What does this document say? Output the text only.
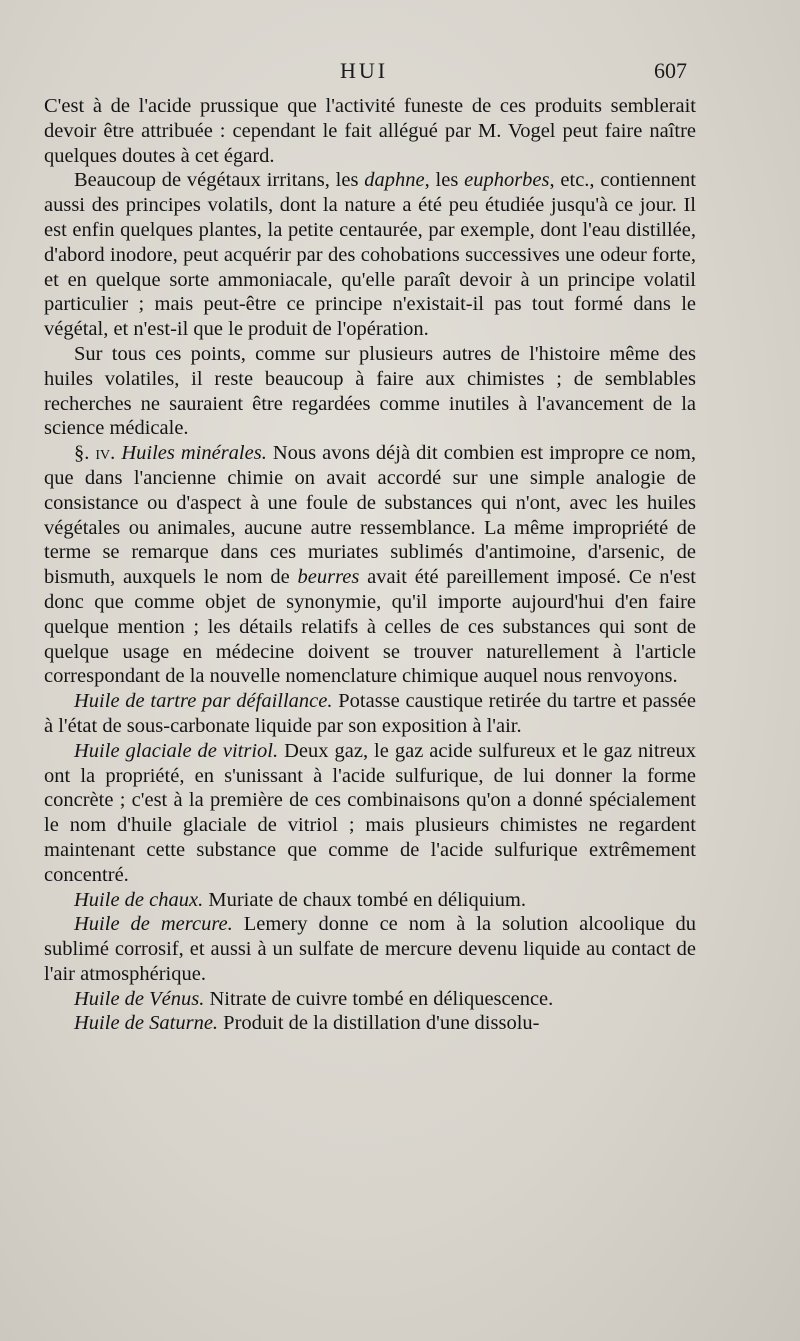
HUI	607

C'est à de l'acide prussique que l'activité funeste de ces produits semblerait devoir être attribuée : cependant le fait allégué par M. Vogel peut faire naître quelques doutes à cet égard.

Beaucoup de végétaux irritans, les daphne, les euphorbes, etc., contiennent aussi des principes volatils, dont la nature a été peu étudiée jusqu'à ce jour. Il est enfin quelques plantes, la petite centaurée, par exemple, dont l'eau distillée, d'abord inodore, peut acquérir par des cohobations successives une odeur forte, et en quelque sorte ammoniacale, qu'elle paraît devoir à un principe volatil particulier ; mais peut-être ce principe n'existait-il pas tout formé dans le végétal, et n'est-il que le produit de l'opération.

Sur tous ces points, comme sur plusieurs autres de l'histoire même des huiles volatiles, il reste beaucoup à faire aux chimistes ; de semblables recherches ne sauraient être regardées comme inutiles à l'avancement de la science médicale.

§. iv. Huiles minérales. Nous avons déjà dit combien est impropre ce nom, que dans l'ancienne chimie on avait accordé sur une simple analogie de consistance ou d'aspect à une foule de substances qui n'ont, avec les huiles végétales ou animales, aucune autre ressemblance. La même impropriété de terme se remarque dans ces muriates sublimés d'antimoine, d'arsenic, de bismuth, auxquels le nom de beurres avait été pareillement imposé. Ce n'est donc que comme objet de synonymie, qu'il importe aujourd'hui d'en faire quelque mention ; les détails relatifs à celles de ces substances qui sont de quelque usage en médecine doivent se trouver naturellement à l'article correspondant de la nouvelle nomenclature chimique auquel nous renvoyons.

Huile de tartre par défaillance. Potasse caustique retirée du tartre et passée à l'état de sous-carbonate liquide par son exposition à l'air.

Huile glaciale de vitriol. Deux gaz, le gaz acide sulfureux et le gaz nitreux ont la propriété, en s'unissant à l'acide sulfurique, de lui donner la forme concrète ; c'est à la première de ces combinaisons qu'on a donné spécialement le nom d'huile glaciale de vitriol ; mais plusieurs chimistes ne regardent maintenant cette substance que comme de l'acide sulfurique extrêmement concentré.

Huile de chaux. Muriate de chaux tombé en déliquium.

Huile de mercure. Lemery donne ce nom à la solution alcoolique du sublimé corrosif, et aussi à un sulfate de mercure devenu liquide au contact de l'air atmosphérique.

Huile de Vénus. Nitrate de cuivre tombé en déliquescence.

Huile de Saturne. Produit de la distillation d'une dissolu-
